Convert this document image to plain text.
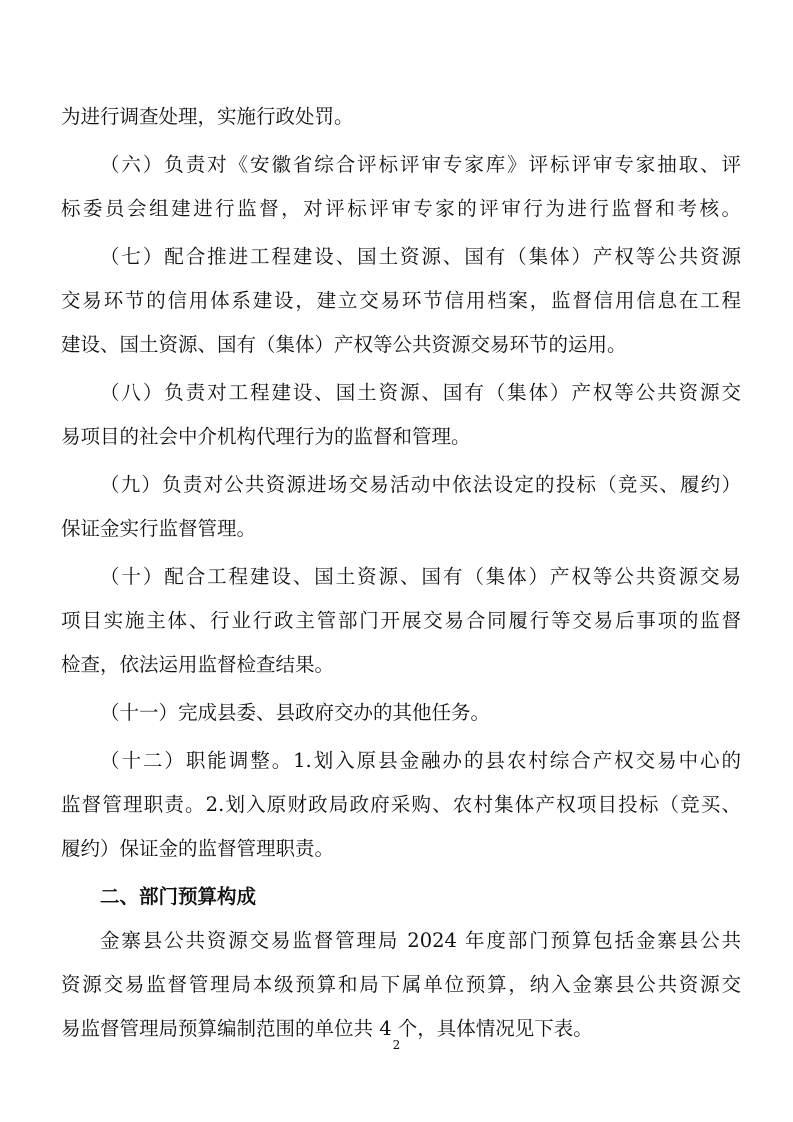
为进行调查处理，实施行政处罚。
（六）负责对《安徽省综合评标评审专家库》评标评审专家抽取、评
标委员会组建进行监督，对评标评审专家的评审行为进行监督和考核。
（七）配合推进工程建设、国土资源、国有（集体）产权等公共资源
交易环节的信用体系建设，建立交易环节信用档案，监督信用信息在工程
建设、国土资源、国有（集体）产权等公共资源交易环节的运用。
（八）负责对工程建设、国土资源、国有（集体）产权等公共资源交
易项目的社会中介机构代理行为的监督和管理。
（九）负责对公共资源进场交易活动中依法设定的投标（竞买、履约）
保证金实行监督管理。
（十）配合工程建设、国土资源、国有（集体）产权等公共资源交易
项目实施主体、行业行政主管部门开展交易合同履行等交易后事项的监督
检查，依法运用监督检查结果。
（十一）完成县委、县政府交办的其他任务。
（十二）职能调整。1.划入原县金融办的县农村综合产权交易中心的
监督管理职责。2.划入原财政局政府采购、农村集体产权项目投标（竞买、
履约）保证金的监督管理职责。
二、部门预算构成
金寨县公共资源交易监督管理局 2024 年度部门预算包括金寨县公共
资源交易监督管理局本级预算和局下属单位预算，纳入金寨县公共资源交
易监督管理局预算编制范围的单位共 4 个，具体情况见下表。
2
